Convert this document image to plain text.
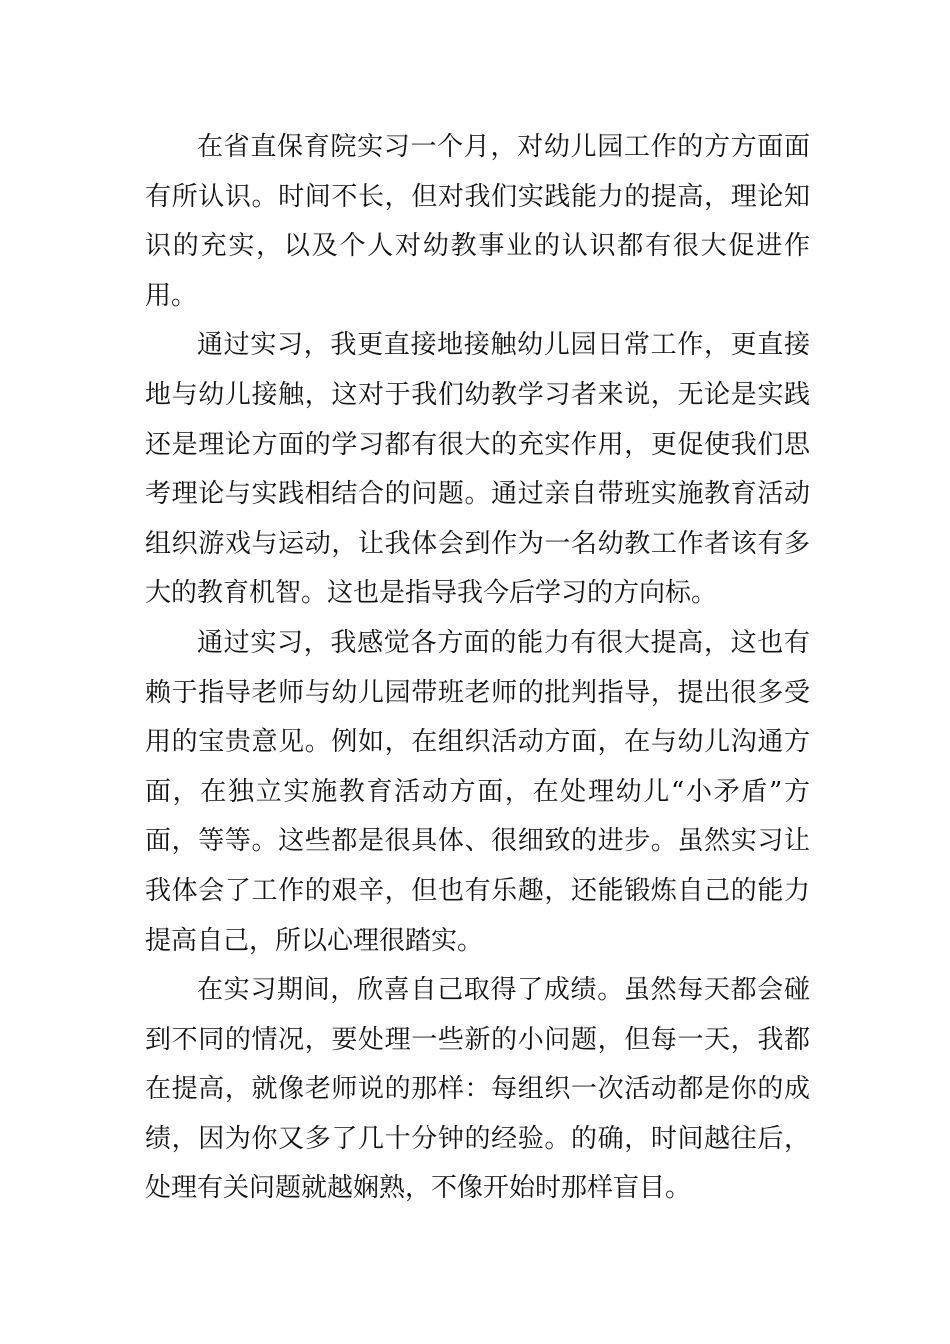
在省直保育院实习一个月，对幼儿园工作的方方面面有所认识。时间不长，但对我们实践能力的提高，理论知识的充实，以及个人对幼教事业的认识都有很大促进作用。

通过实习，我更直接地接触幼儿园日常工作，更直接地与幼儿接触，这对于我们幼教学习者来说，无论是实践还是理论方面的学习都有很大的充实作用，更促使我们思考理论与实践相结合的问题。通过亲自带班实施教育活动组织游戏与运动，让我体会到作为一名幼教工作者该有多大的教育机智。这也是指导我今后学习的方向标。

通过实习，我感觉各方面的能力有很大提高，这也有赖于指导老师与幼儿园带班老师的批判指导，提出很多受用的宝贵意见。例如，在组织活动方面，在与幼儿沟通方面，在独立实施教育活动方面，在处理幼儿“小矛盾”方面，等等。这些都是很具体、很细致的进步。虽然实习让我体会了工作的艰辛，但也有乐趣，还能锻炼自己的能力提高自己，所以心理很踏实。

在实习期间，欣喜自己取得了成绩。虽然每天都会碰到不同的情况，要处理一些新的小问题，但每一天，我都在提高，就像老师说的那样：每组织一次活动都是你的成绩，因为你又多了几十分钟的经验。的确，时间越往后，处理有关问题就越娴熟，不像开始时那样盲目。
